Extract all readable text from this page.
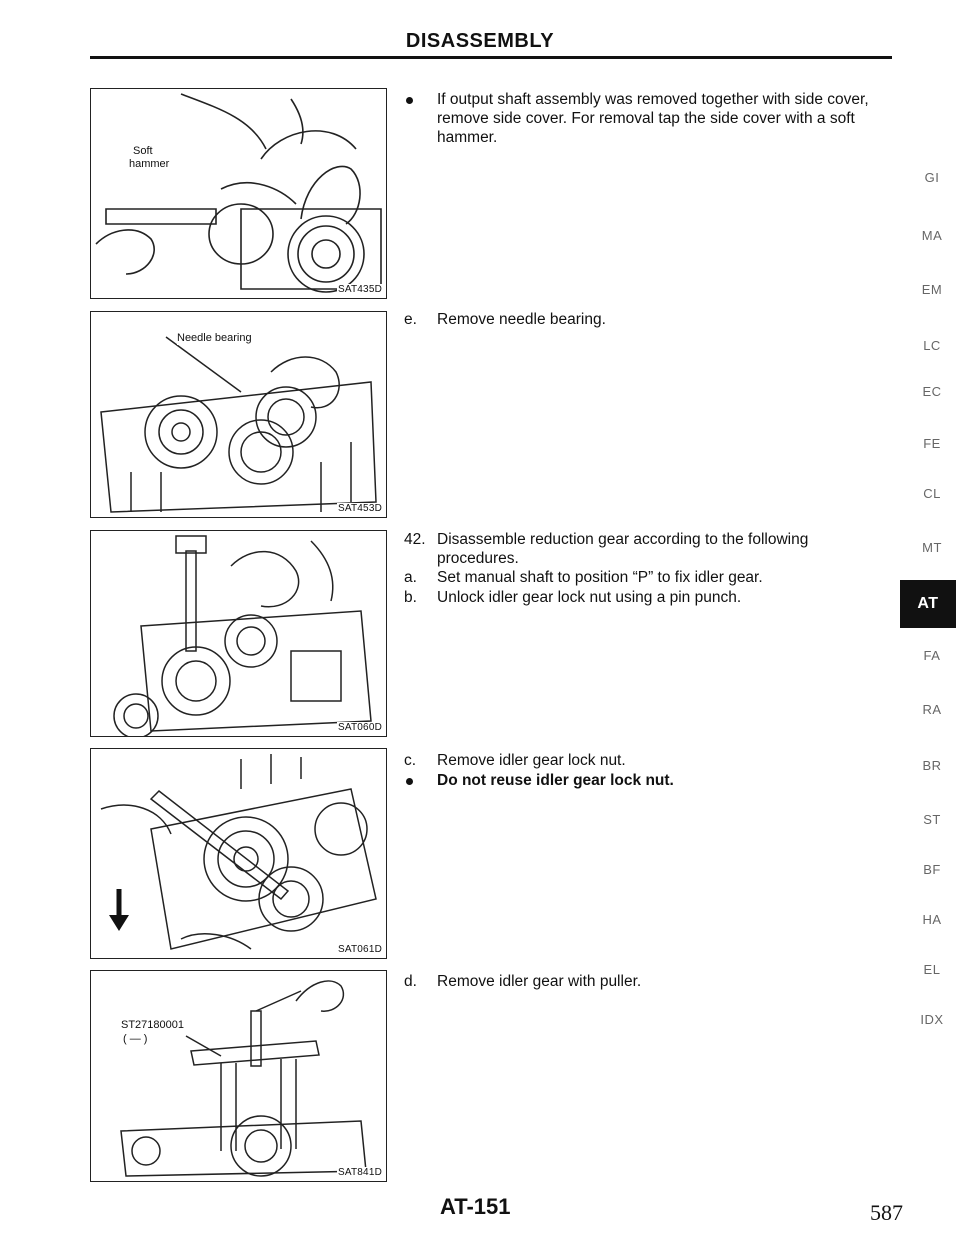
DISASSEMBLY
Soft
hammer
SAT435D
Needle bearing
SAT453D
SAT060D
SAT061D
ST27180001
( — )
SAT841D
If output shaft assembly was removed together with side cover, remove side cover. For removal tap the side cover with a soft hammer.
e.	Remove needle bearing.
42. Disassemble reduction gear according to the following procedures.
a.	Set manual shaft to position “P” to fix idler gear.
b.	Unlock idler gear lock nut using a pin punch.
c.	Remove idler gear lock nut.
Do not reuse idler gear lock nut.
d.	Remove idler gear with puller.
GI
MA
EM
LC
EC
FE
CL
MT
AT
FA
RA
BR
ST
BF
HA
EL
IDX
AT-151	587
